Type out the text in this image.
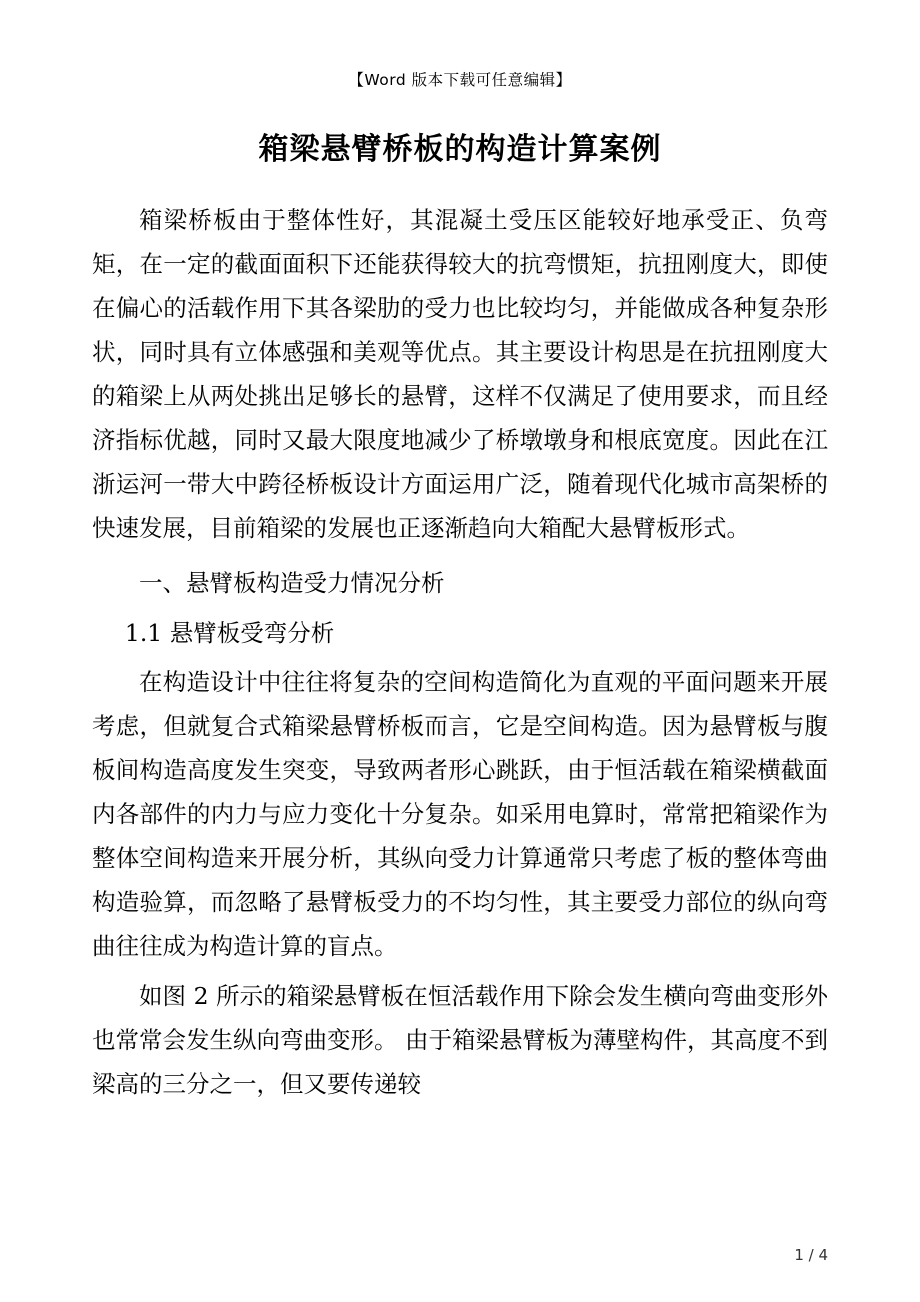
【Word 版本下载可任意编辑】
箱梁悬臂桥板的构造计算案例

箱梁桥板由于整体性好，其混凝土受压区能较好地承受正、负弯矩，在一定的截面面积下还能获得较大的抗弯惯矩，抗扭刚度大，即使在偏心的活载作用下其各梁肋的受力也比较均匀，并能做成各种复杂形状，同时具有立体感强和美观等优点。其主要设计构思是在抗扭刚度大的箱梁上从两处挑出足够长的悬臂，这样不仅满足了使用要求，而且经济指标优越，同时又最大限度地减少了桥墩墩身和根底宽度。因此在江浙运河一带大中跨径桥板设计方面运用广泛，随着现代化城市高架桥的快速发展，目前箱梁的发展也正逐渐趋向大箱配大悬臂板形式。

一、悬臂板构造受力情况分析

1.1 悬臂板受弯分析

在构造设计中往往将复杂的空间构造简化为直观的平面问题来开展考虑，但就复合式箱梁悬臂桥板而言，它是空间构造。因为悬臂板与腹板间构造高度发生突变，导致两者形心跳跃，由于恒活载在箱梁横截面内各部件的内力与应力变化十分复杂。如采用电算时，常常把箱梁作为整体空间构造来开展分析，其纵向受力计算通常只考虑了板的整体弯曲构造验算，而忽略了悬臂板受力的不均匀性，其主要受力部位的纵向弯曲往往成为构造计算的盲点。

如图 2 所示的箱梁悬臂板在恒活载作用下除会发生横向弯曲变形外也常常会发生纵向弯曲变形。 由于箱梁悬臂板为薄壁构件，其高度不到梁高的三分之一，但又要传递较

1 / 4
